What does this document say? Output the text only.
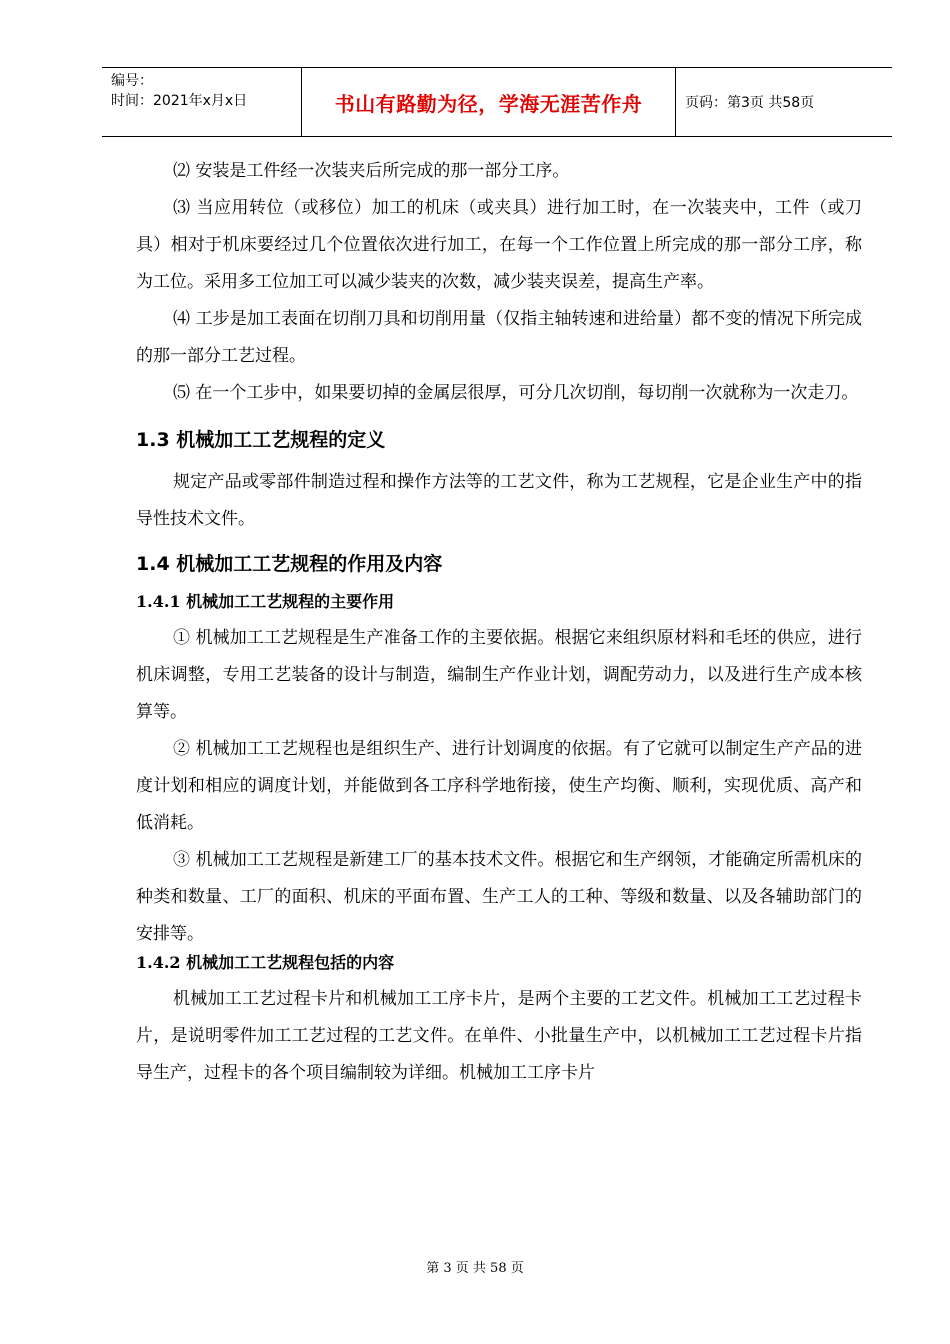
编号：
时间：2021年x月x日	书山有路勤为径，学海无涯苦作舟	页码：第3页 共58页

⑵ 安装是工件经一次装夹后所完成的那一部分工序。

⑶ 当应用转位（或移位）加工的机床（或夹具）进行加工时，在一次装夹中，工件（或刀具）相对于机床要经过几个位置依次进行加工，在每一个工作位置上所完成的那一部分工序，称为工位。采用多工位加工可以减少装夹的次数，减少装夹误差，提高生产率。

⑷ 工步是加工表面在切削刀具和切削用量（仅指主轴转速和进给量）都不变的情况下所完成的那一部分工艺过程。

⑸ 在一个工步中，如果要切掉的金属层很厚，可分几次切削，每切削一次就称为一次走刀。

1.3 机械加工工艺规程的定义

规定产品或零部件制造过程和操作方法等的工艺文件，称为工艺规程，它是企业生产中的指导性技术文件。

1.4 机械加工工艺规程的作用及内容
1.4.1 机械加工工艺规程的主要作用

① 机械加工工艺规程是生产准备工作的主要依据。根据它来组织原材料和毛坯的供应，进行机床调整，专用工艺装备的设计与制造，编制生产作业计划，调配劳动力，以及进行生产成本核算等。

② 机械加工工艺规程也是组织生产、进行计划调度的依据。有了它就可以制定生产产品的进度计划和相应的调度计划，并能做到各工序科学地衔接，使生产均衡、顺利，实现优质、高产和低消耗。

③ 机械加工工艺规程是新建工厂的基本技术文件。根据它和生产纲领，才能确定所需机床的种类和数量、工厂的面积、机床的平面布置、生产工人的工种、等级和数量、以及各辅助部门的安排等。

1.4.2 机械加工工艺规程包括的内容

机械加工工艺过程卡片和机械加工工序卡片，是两个主要的工艺文件。机械加工工艺过程卡片，是说明零件加工工艺过程的工艺文件。在单件、小批量生产中，以机械加工工艺过程卡片指导生产，过程卡的各个项目编制较为详细。机械加工工序卡片

第 3 页 共 58 页
